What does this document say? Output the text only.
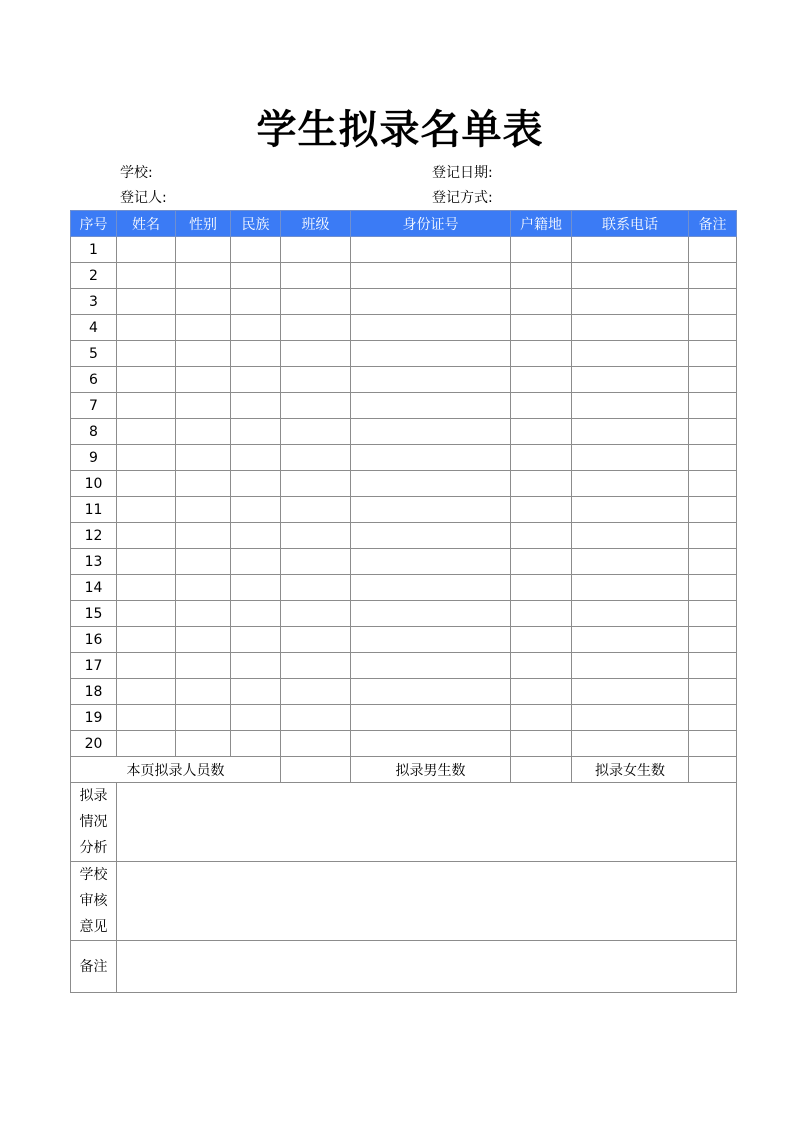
学生拟录名单表
学校:
登记人:
登记日期:
登记方式:
序号	姓名	性别	民族	班级	身份证号	户籍地	联系电话	备注
1								
2								
3								
4								
5								
6								
7								
8								
9								
10								
11								
12								
13								
14								
15								
16								
17								
18								
19								
20								
本页拟录人员数					拟录男生数		拟录女生数	

拟录
情况
分析								

学校
审核
意见								

备注								
